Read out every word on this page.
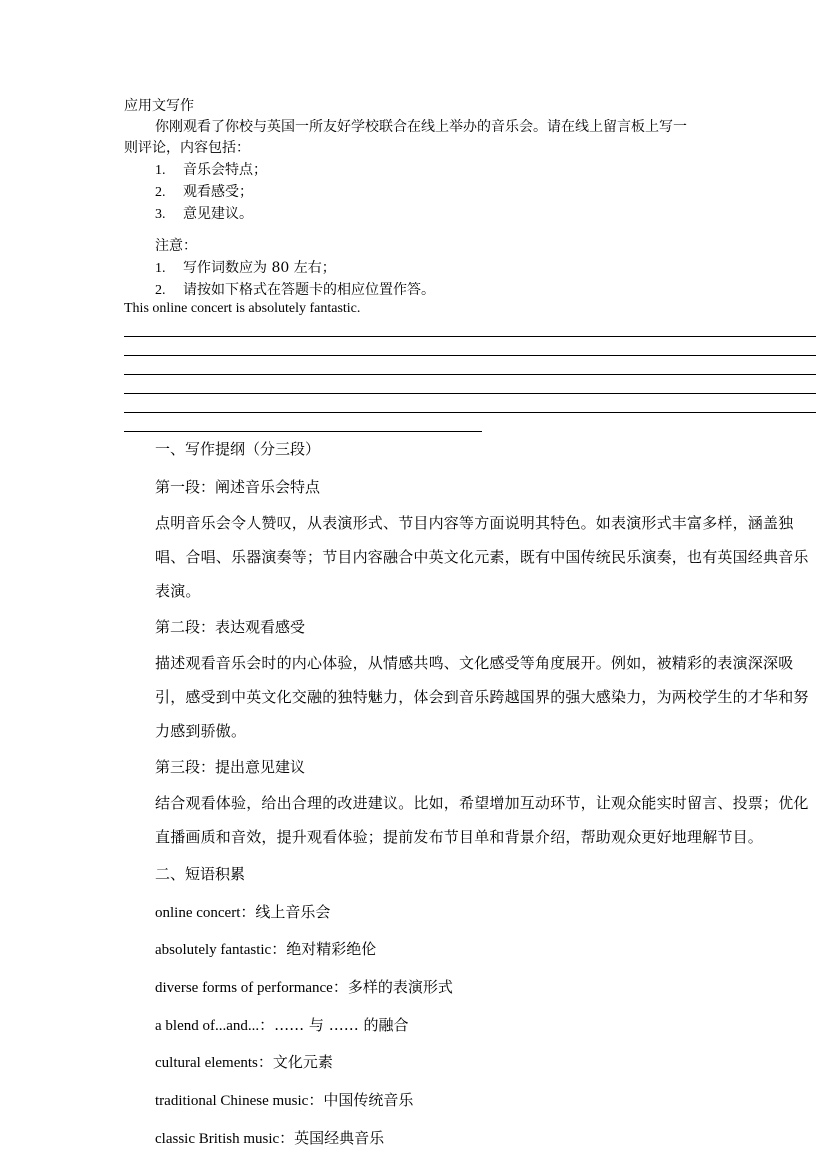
应用文写作
你刚观看了你校与英国一所友好学校联合在线上举办的音乐会。请在线上留言板上写一
则评论，内容包括：
1. 音乐会特点；
2. 观看感受；
3. 意见建议。
注意：
1. 写作词数应为 80 左右；
2. 请按如下格式在答题卡的相应位置作答。
This online concert is absolutely fantastic.
一、写作提纲（分三段）
第一段：阐述音乐会特点
点明音乐会令人赞叹，从表演形式、节目内容等方面说明其特色。如表演形式丰富多样，涵盖独唱、合唱、乐器演奏等；节目内容融合中英文化元素，既有中国传统民乐演奏，也有英国经典音乐表演。
第二段：表达观看感受
描述观看音乐会时的内心体验，从情感共鸣、文化感受等角度展开。例如，被精彩的表演深深吸引，感受到中英文化交融的独特魅力，体会到音乐跨越国界的强大感染力，为两校学生的才华和努力感到骄傲。
第三段：提出意见建议
结合观看体验，给出合理的改进建议。比如，希望增加互动环节，让观众能实时留言、投票；优化直播画质和音效，提升观看体验；提前发布节目单和背景介绍，帮助观众更好地理解节目。
二、短语积累
online concert：线上音乐会
absolutely fantastic：绝对精彩绝伦
diverse forms of performance：多样的表演形式
a blend of...and...：…… 与 …… 的融合
cultural elements：文化元素
traditional Chinese music：中国传统音乐
classic British music：英国经典音乐
